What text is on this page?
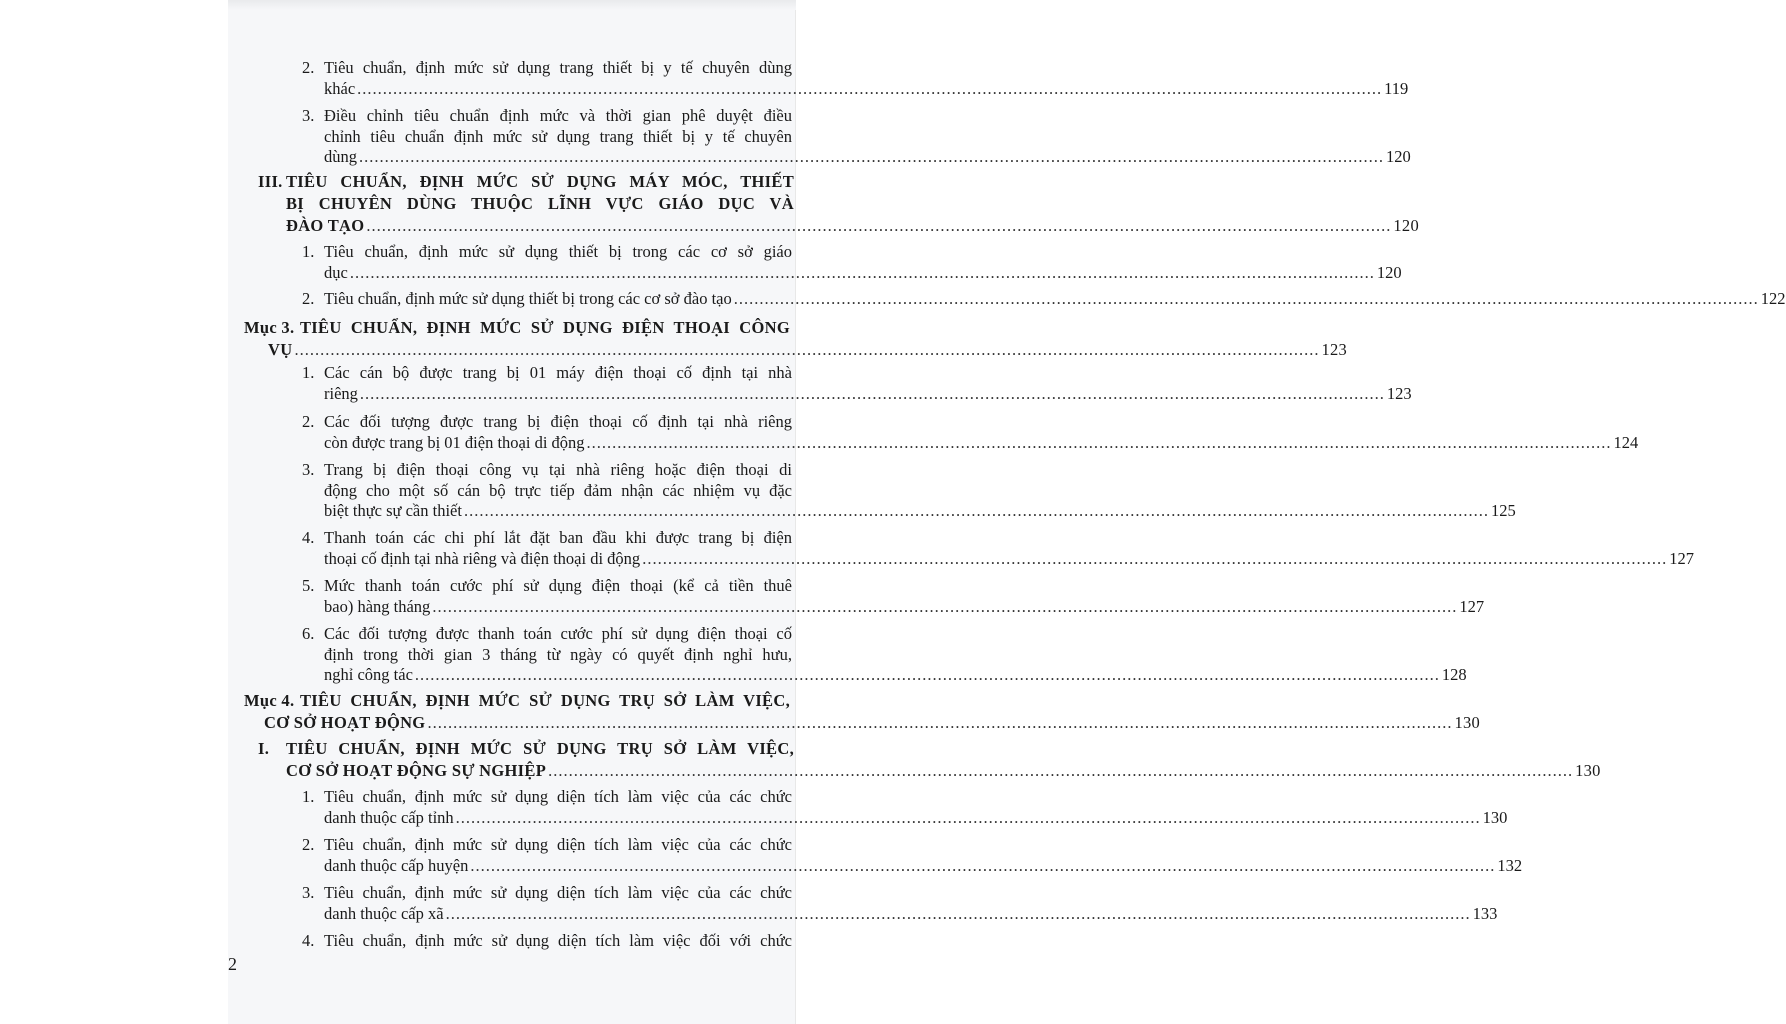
2. Tiêu chuẩn, định mức sử dụng trang thiết bị y tế chuyên dùng
khác ........................................................................................................................................................................................................ 119
3. Điều chỉnh tiêu chuẩn định mức và thời gian phê duyệt điều
chỉnh tiêu chuẩn định mức sử dụng trang thiết bị y tế chuyên
dùng ........................................................................................................................................................................................................ 120
III. TIÊU CHUẨN, ĐỊNH MỨC SỬ DỤNG MÁY MÓC, THIẾT
BỊ CHUYÊN DÙNG THUỘC LĨNH VỰC GIÁO DỤC VÀ
ĐÀO TẠO ........................................................................................................................................................................................................ 120
1. Tiêu chuẩn, định mức sử dụng thiết bị trong các cơ sở giáo
dục ........................................................................................................................................................................................................ 120
2. Tiêu chuẩn, định mức sử dụng thiết bị trong các cơ sở đào tạo ........................................................................................................................................................................................................ 122
Mục 3. TIÊU CHUẨN, ĐỊNH MỨC SỬ DỤNG ĐIỆN THOẠI CÔNG
VỤ ........................................................................................................................................................................................................ 123
1. Các cán bộ được trang bị 01 máy điện thoại cố định tại nhà
riêng ........................................................................................................................................................................................................ 123
2. Các đối tượng được trang bị điện thoại cố định tại nhà riêng
còn được trang bị 01 điện thoại di động ........................................................................................................................................................................................................ 124
3. Trang bị điện thoại công vụ tại nhà riêng hoặc điện thoại di
động cho một số cán bộ trực tiếp đảm nhận các nhiệm vụ đặc
biệt thực sự cần thiết ........................................................................................................................................................................................................ 125
4. Thanh toán các chi phí lắt đặt ban đầu khi được trang bị điện
thoại cố định tại nhà riêng và điện thoại di động ........................................................................................................................................................................................................ 127
5. Mức thanh toán cước phí sử dụng điện thoại (kể cả tiền thuê
bao) hàng tháng ........................................................................................................................................................................................................ 127
6. Các đối tượng được thanh toán cước phí sử dụng điện thoại cố
định trong thời gian 3 tháng từ ngày có quyết định nghỉ hưu,
nghỉ công tác ........................................................................................................................................................................................................ 128
Mục 4. TIÊU CHUẨN, ĐỊNH MỨC SỬ DỤNG TRỤ SỞ LÀM VIỆC,
CƠ SỞ HOẠT ĐỘNG ........................................................................................................................................................................................................ 130
I. TIÊU CHUẨN, ĐỊNH MỨC SỬ DỤNG TRỤ SỞ LÀM VIỆC,
CƠ SỞ HOẠT ĐỘNG SỰ NGHIỆP ........................................................................................................................................................................................................ 130
1. Tiêu chuẩn, định mức sử dụng diện tích làm việc của các chức
danh thuộc cấp tỉnh ........................................................................................................................................................................................................ 130
2. Tiêu chuẩn, định mức sử dụng diện tích làm việc của các chức
danh thuộc cấp huyện ........................................................................................................................................................................................................ 132
3. Tiêu chuẩn, định mức sử dụng diện tích làm việc của các chức
danh thuộc cấp xã ........................................................................................................................................................................................................ 133
4. Tiêu chuẩn, định mức sử dụng diện tích làm việc đối với chức
2
